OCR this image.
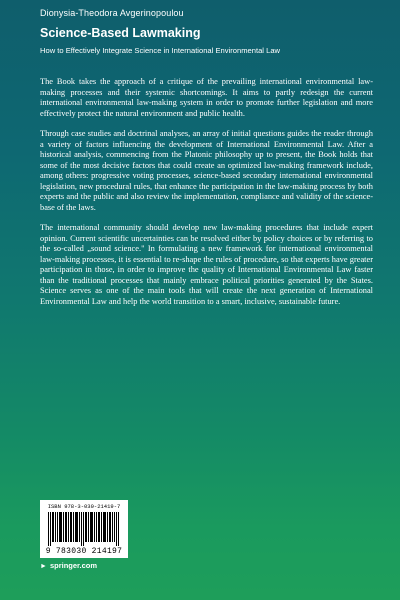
Dionysia-Theodora Avgerinopoulou
Science-Based Lawmaking
How to Effectively Integrate Science in International Environmental Law

The Book takes the approach of a critique of the prevailing international environmental law-making processes and their systemic shortcomings. It aims to partly redesign the current international environmental law-making system in order to promote further legislation and more effectively protect the natural environment and public health.

Through case studies and doctrinal analyses, an array of initial questions guides the reader through a variety of factors influencing the development of International Environmental Law. After a historical analysis, commencing from the Platonic philosophy up to present, the Book holds that some of the most decisive factors that could create an optimized law-making framework include, among others: progressive voting processes, science-based secondary international environmental legislation, new procedural rules, that enhance the participation in the law-making process by both experts and the public and also review the implementation, compliance and validity of the science-base of the laws.

The international community should develop new law-making procedures that include expert opinion. Current scientific uncertainties can be resolved either by policy choices or by referring to the so-called „sound science." In formulating a new framework for international environmental law-making processes, it is essential to re-shape the rules of procedure, so that experts have greater participation in those, in order to improve the quality of International Environmental Law faster than the traditional processes that mainly embrace political priorities generated by the States. Science serves as one of the main tools that will create the next generation of International Environmental Law and help the world transition to a smart, inclusive, sustainable future.

ISBN 978-3-030-21419-7
9 783030 214197
► springer.com
